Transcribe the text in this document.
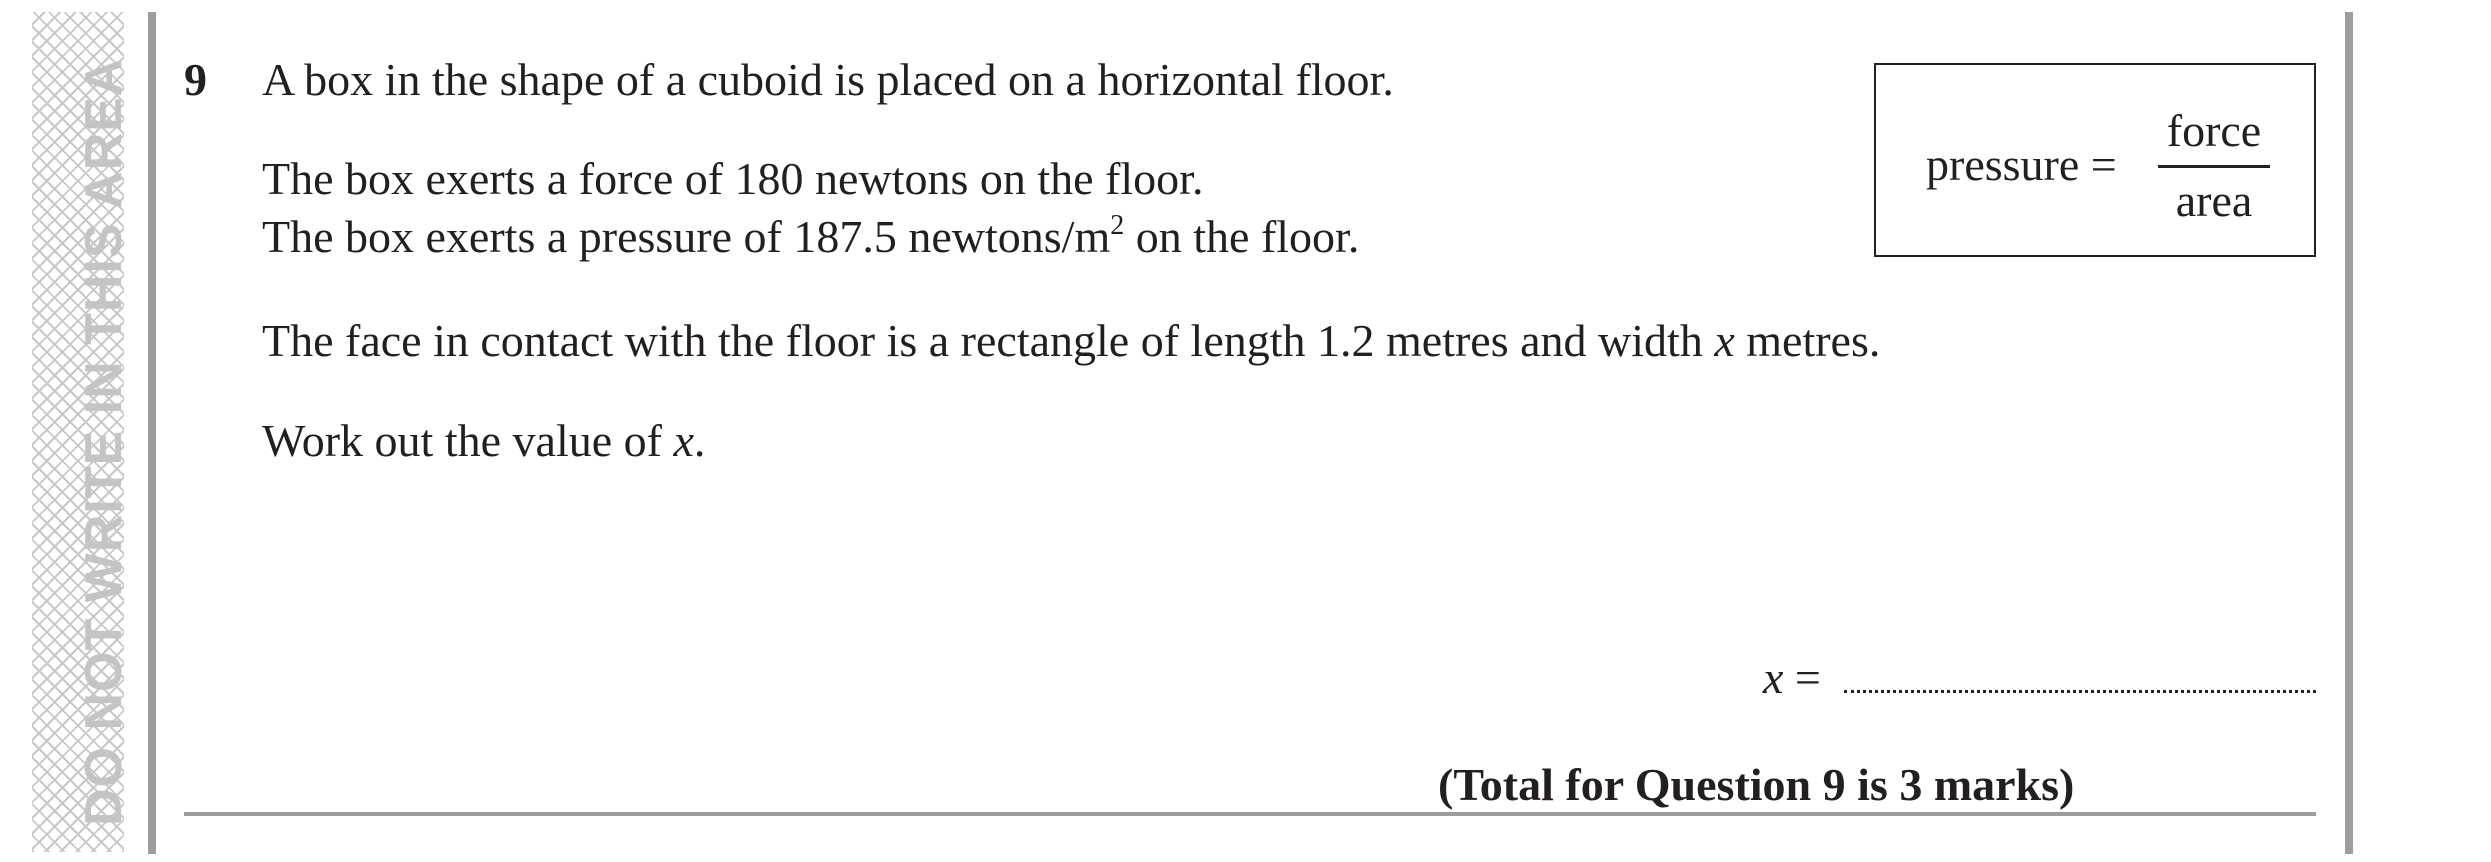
DO NOT WRITE IN THIS AREA 9 A box in the shape of a cuboid is placed on a horizontal floor.
The box exerts a force of 180 newtons on the floor.
The box exerts a pressure of 187.5 newtons/$m^2$ on the floor.
The face in contact with the floor is a rectangle of length 1.2 metres and width x metres.
Work out the value of x.
pressure =
force
area
x =
(Total for Question 9 is 3 marks)
